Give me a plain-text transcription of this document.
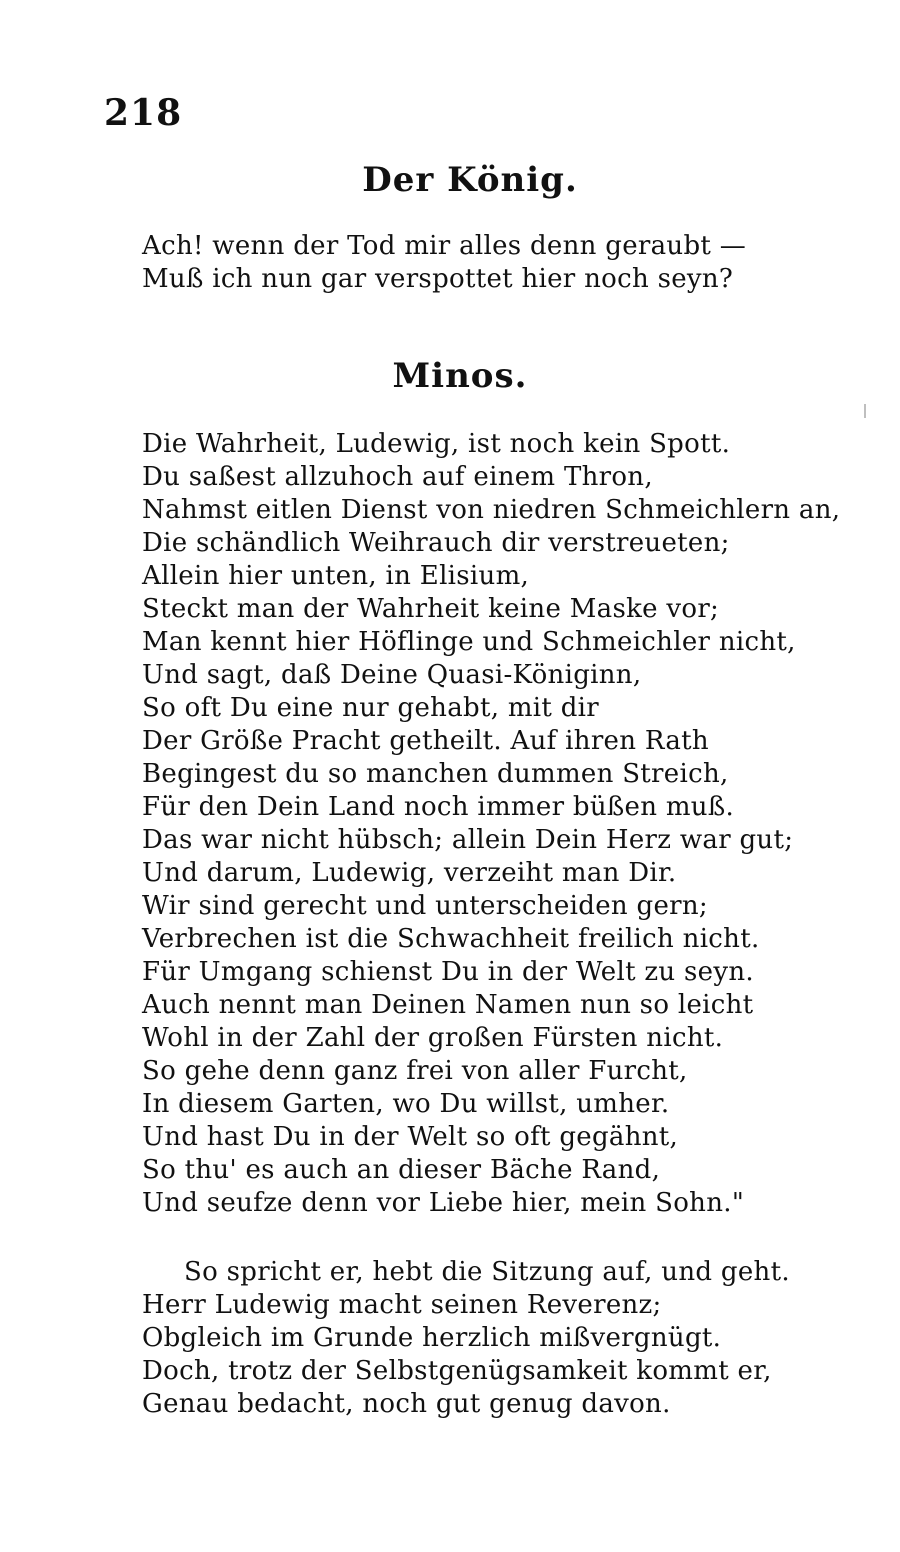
218
Der König.
Ach! wenn der Tod mir alles denn geraubt —
Muß ich nun gar verspottet hier noch seyn?
Minos.
Die Wahrheit, Ludewig, ist noch kein Spott.
Du saßest allzuhoch auf einem Thron,
Nahmst eitlen Dienst von niedren Schmeichlern an,
Die schändlich Weihrauch dir verstreueten;
Allein hier unten, in Elisium,
Steckt man der Wahrheit keine Maske vor;
Man kennt hier Höflinge und Schmeichler nicht,
Und sagt, daß Deine Quasi-Königinn,
So oft Du eine nur gehabt, mit dir
Der Größe Pracht getheilt. Auf ihren Rath
Begingest du so manchen dummen Streich,
Für den Dein Land noch immer büßen muß.
Das war nicht hübsch; allein Dein Herz war gut;
Und darum, Ludewig, verzeiht man Dir.
Wir sind gerecht und unterscheiden gern;
Verbrechen ist die Schwachheit freilich nicht.
Für Umgang schienst Du in der Welt zu seyn.
Auch nennt man Deinen Namen nun so leicht
Wohl in der Zahl der großen Fürsten nicht.
So gehe denn ganz frei von aller Furcht,
In diesem Garten, wo Du willst, umher.
Und hast Du in der Welt so oft gegähnt,
So thu' es auch an dieser Bäche Rand,
Und seufze denn vor Liebe hier, mein Sohn."
So spricht er, hebt die Sitzung auf, und geht.
Herr Ludewig macht seinen Reverenz;
Obgleich im Grunde herzlich mißvergnügt.
Doch, trotz der Selbstgenügsamkeit kommt er,
Genau bedacht, noch gut genug davon.
